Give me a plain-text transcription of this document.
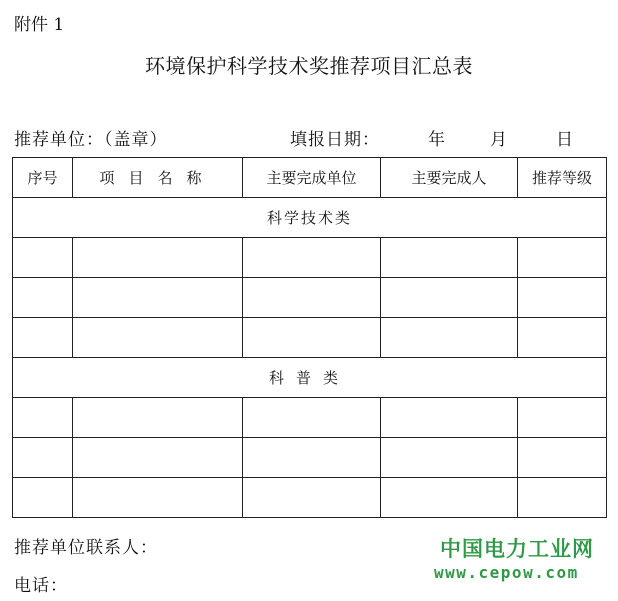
附件 1
环境保护科学技术奖推荐项目汇总表
推荐单位：（盖章）	填报日期：	年	月	日
序号	项目名称	主要完成单位	主要完成人	推荐等级
科学技术类				

科普类				

推荐单位联系人：
电话：
中国电力工业网
www.cepow.com
